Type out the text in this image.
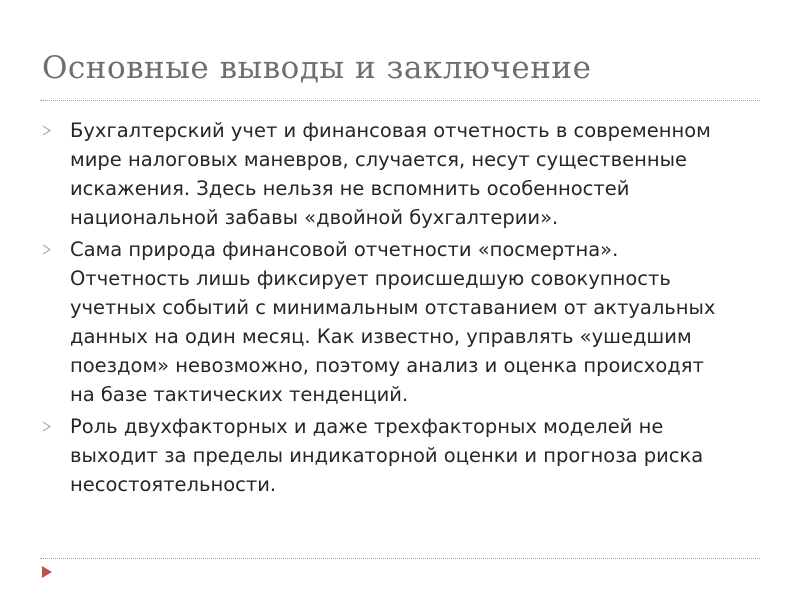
Основные выводы и заключение
Бухгалтерский учет и финансовая отчетность в современном мире налоговых маневров, случается, несут существенные искажения. Здесь нельзя не вспомнить особенностей национальной забавы «двойной бухгалтерии».
Сама природа финансовой отчетности «посмертна». Отчетность лишь фиксирует происшедшую совокупность учетных событий с минимальным отставанием от актуальных данных на один месяц. Как известно, управлять «ушедшим поездом» невозможно, поэтому анализ и оценка происходят на базе тактических тенденций.
Роль двухфакторных и даже трехфакторных моделей не выходит за пределы индикаторной оценки и прогноза риска несостоятельности.
